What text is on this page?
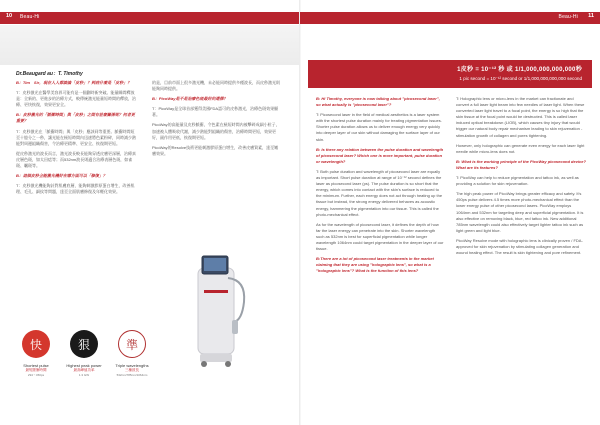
10 Beau-Hi
Dr.Beaugard au：T. Timothy

B：Tim　Sir，現在人人都談論「皮秒」？到底什麼是「皮秒」？

T：皮秒激光在醫學美容界可能有是一個劃時新突破。能量瞬間釋放是：全新的、更進步的治療方式，較傳統激光能量短時間的釋放，治療、更快恢復，效果更安全。

B：皮秒激光的「脈衝時間」與「皮秒」之間有甚麼關係呢？何者更重要？

T：皮秒激光在「脈衝時間」與「皮秒」應該同等重要。脈衝時間短至十億分之一秒，讓光能在極短時間內迅速將色素粉碎，同時減少熱能對周邊組織傷害，令治療更精準、更安全、恢復期更短。

從皮秒激光的波長而言，激光波長較長能夠穿透皮膚更深層，治療真皮層色斑，如太田痣等；而532nm波長則適合治療表層色斑，如雀斑、曬斑等。

B：這個皮秒全能激光機好在哪方面可以「修復」？

T：皮秒激光機能夠針對肌膚底層，能夠刺激膠原蛋白增生，改善肌理、毛孔、細紋等問題，達至全面肌膚修復及年輕化效果。

的是，目前市面上很多激光機，未必能同時提供多種波長，而皮秒激光則能夠同時提供。

B：PicoWay是不是治療色斑最好的選擇？

T：PicoWay是全球首部獲得美國FDA認可的皮秒激光，治療色斑效果顯著。

PicoWay的高能量及皮秒脈衝，令色素在極短時間內被擊碎成細小粒子，加速被人體吸收代謝，減少熱能對組織的傷害，治療時間更短，效果更好，副作用更低，恢復期更短。

PicoWay的Resolve技術更能刺激膠原蛋白增生，改善皮膚質素，達至嫩膚效果。

快
Shortest pulse
最短脈衝時間
294～450ps
狠
Highest peak power
最高峰值功率
1.3 GW
準
Triple wavelengths
三種波長
532nm/785nm/1064nm
Beau-Hi 11
1皮秒 = 10⁻¹² 秒 或 1/1,000,000,000,000秒
1 pic second = 10⁻¹² second or 1/1,000,000,000,000 second

B: Hi Timothy, everyone is now talking about "picosecond laser", so what actually is "picosecond laser"?

T: Picosecond laser in the field of medical aesthetics is a laser system with the shortest pulse duration mainly for treating pigmentation issues. Shorter pulse duration allows us to deliver enough energy very quickly into deeper layer of our skin without damaging the surface layer of our skin.

B: Is there any relation between the pulse duration and wavelength of picosecond laser? Which one is more important, pulse duration or wavelength?

T: Both pulse duration and wavelength of picosecond laser are equally as important. Short pulse duration at range of 10⁻¹² second defines the laser as picosecond laser (ps). The pulse duration is so short that the energy, which comes into contact with the skin's surface is reduced to the minimum. Further, each energy does not act through heating up the tissue but instead, the strong energy delivered behaves as acoustic energy, hammering the pigmentation into our tissue. This is called the photo-mechanical effect.

As for the wavelength of picosecond laser, it defines the depth of how far the laser energy can penetrate into the skin. Shorter wavelength such as 532nm is best for superficial pigmentation while longer wavelength 1064nm could target pigmentation in the deeper layer of our tissue.

B:There are a lot of picosecond laser treatments in the market claiming that they are using "holographic lens", so what is a "holographic lens"? What is the function of this lens?

T: Holographic lens or micro-lens in the market can fractionate and convert a full laser light beam into few needles of laser light. When these converted laser light travel to a focal point, the energy is so high that the skin tissue at the focal point would be destructed. This is called laser induced optical breakdown (LIOB), which causes tiny injury that would trigger our natural body repair mechanism leading to skin rejuvenation - stimulation growth of collagen and pores tightening.

However, only holographic can generate even energy for each laser light needle while micro-lens does not.

B: What is the working principle of the PicoWay picosecond device? What are its features?

T: PicoWay can help to reduce pigmentation and tattoo ink, as well as providing a solution for skin rejuvenation.

The high peak power of PicoWay brings greater efficacy and safety. It's 450ps pulse delivers 4.5 times more photo-mechanical effect than the lower energy pulse of other picosecond lasers. PicoWay employs 1064nm and 532nm for targeting deep and superficial pigmentation. It is also effective on removing black, blue, red tattoo ink. New additional 785nm wavelength could also effectively target lighter tattoo ink such as light green and light blue.

PicoWay Resolve mode with holographic lens is clinically proven / FDA-approved for skin rejuvenation by stimulating collagen generation and wound healing effect. The result is skin tightening and pore refinement.
